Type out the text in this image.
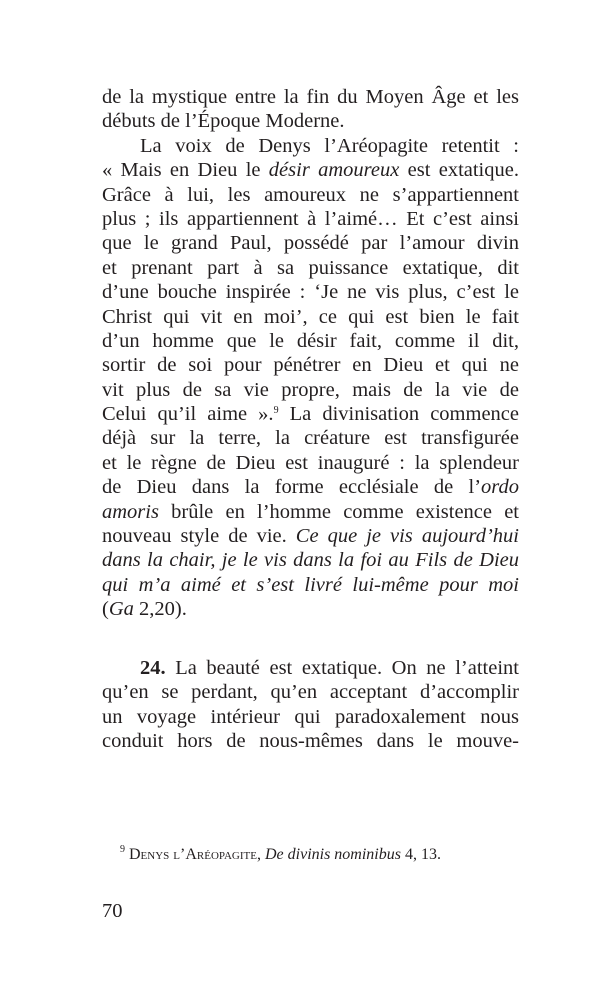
de la mystique entre la fin du Moyen Âge et les
débuts de l’Époque Moderne.
La voix de Denys l’Aréopagite retentit :
« Mais en Dieu le désir amoureux est extatique.
Grâce à lui, les amoureux ne s’appartiennent
plus ; ils appartiennent à l’aimé… Et c’est ainsi
que le grand Paul, possédé par l’amour divin
et prenant part à sa puissance extatique, dit
d’une bouche inspirée : ‘Je ne vis plus, c’est le
Christ qui vit en moi’, ce qui est bien le fait
d’un homme que le désir fait, comme il dit,
sortir de soi pour pénétrer en Dieu et qui ne
vit plus de sa vie propre, mais de la vie de
Celui qu’il aime ».$^9$ La divinisation commence
déjà sur la terre, la créature est transfigurée
et le règne de Dieu est inauguré : la splendeur
de Dieu dans la forme ecclésiale de l’ordo
amoris brûle en l’homme comme existence et
nouveau style de vie. Ce que je vis aujourd’hui
dans la chair, je le vis dans la foi au Fils de Dieu
qui m’a aimé et s’est livré lui-même pour moi
(Ga 2,20).
24. La beauté est extatique. On ne l’atteint
qu’en se perdant, qu’en acceptant d’accomplir
un voyage intérieur qui paradoxalement nous
conduit hors de nous-mêmes dans le mouve-
$^9$ Denys l’Aréopagite, De divinis nominibus 4, 13.
70
